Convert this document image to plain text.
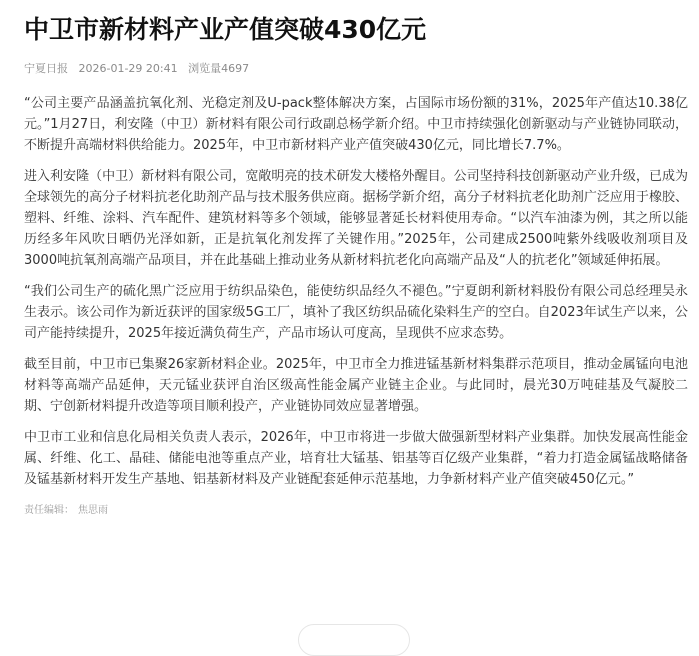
中卫市新材料产业产值突破430亿元
宁夏日报 2026-01-29 20:41 浏览量4697

“公司主要产品涵盖抗氧化剂、光稳定剂及U-pack整体解决方案，占国际市场份额的31%，2025年产值达10.38亿元。”1月27日，利安隆（中卫）新材料有限公司行政副总杨学新介绍。中卫市持续强化创新驱动与产业链协同联动，不断提升高端材料供给能力。2025年，中卫市新材料产业产值突破430亿元，同比增长7.7%。

进入利安隆（中卫）新材料有限公司，宽敞明亮的技术研发大楼格外醒目。公司坚持科技创新驱动产业升级，已成为全球领先的高分子材料抗老化助剂产品与技术服务供应商。据杨学新介绍，高分子材料抗老化助剂广泛应用于橡胶、塑料、纤维、涂料、汽车配件、建筑材料等多个领域，能够显著延长材料使用寿命。“以汽车油漆为例，其之所以能历经多年风吹日晒仍光泽如新，正是抗氧化剂发挥了关键作用。”2025年，公司建成2500吨紫外线吸收剂项目及3000吨抗氧剂高端产品项目，并在此基础上推动业务从新材料抗老化向高端产品及“人的抗老化”领域延伸拓展。

“我们公司生产的硫化黑广泛应用于纺织品染色，能使纺织品经久不褪色。”宁夏朗利新材料股份有限公司总经理吴永生表示。该公司作为新近获评的国家级5G工厂，填补了我区纺织品硫化染料生产的空白。自2023年试生产以来，公司产能持续提升，2025年接近满负荷生产，产品市场认可度高，呈现供不应求态势。

截至目前，中卫市已集聚26家新材料企业。2025年，中卫市全力推进锰基新材料集群示范项目，推动金属锰向电池材料等高端产品延伸，天元锰业获评自治区级高性能金属产业链主企业。与此同时，晨光30万吨硅基及气凝胶二期、宁创新材料提升改造等项目顺利投产，产业链协同效应显著增强。

中卫市工业和信息化局相关负责人表示，2026年，中卫市将进一步做大做强新型材料产业集群。加快发展高性能金属、纤维、化工、晶硅、储能电池等重点产业，培育壮大锰基、铝基等百亿级产业集群，“着力打造金属锰战略储备及锰基新材料开发生产基地、铝基新材料及产业链配套延伸示范基地，力争新材料产业产值突破450亿元。”

责任编辑： 焦思雨
